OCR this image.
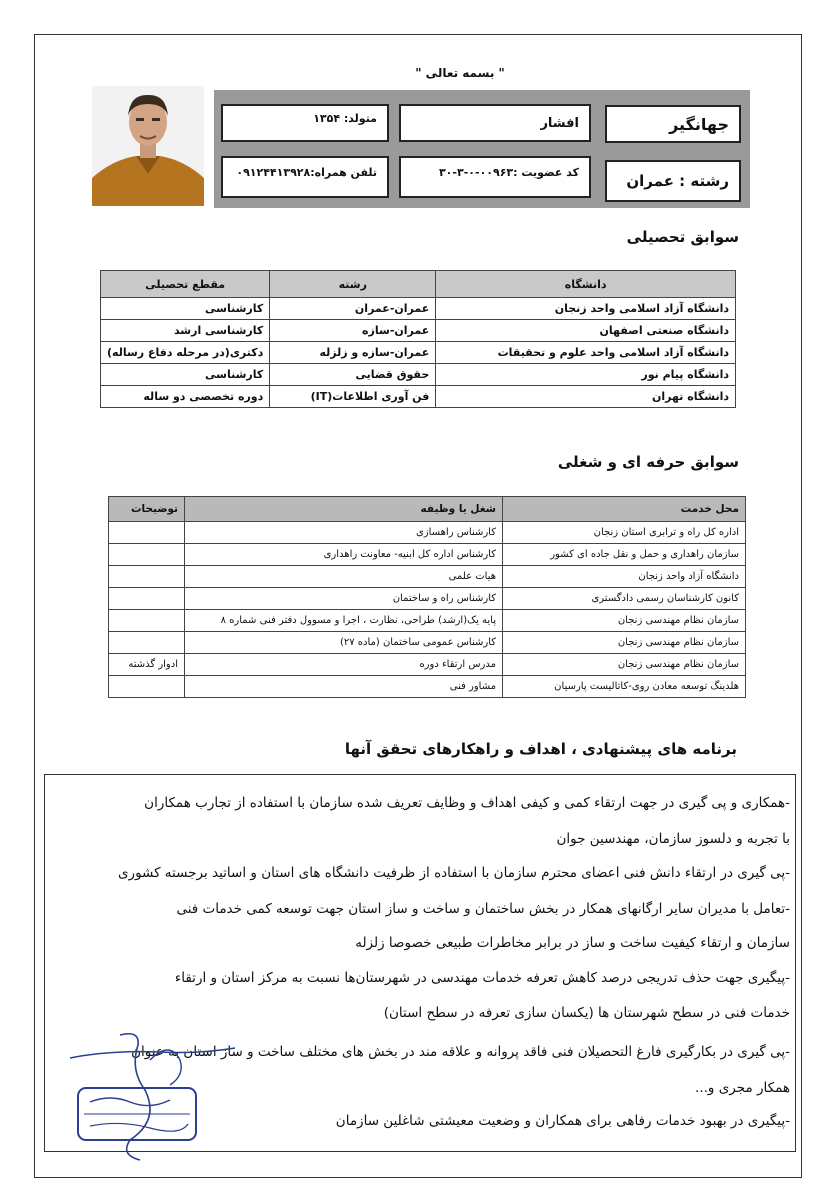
" بسمه تعالی "
جهانگیر
افشار
متولد: ۱۳۵۴
رشته : عمران
کد عضویت :۰۰۹۶۳-۰-۳-۳۰
تلفن همراه:۰۹۱۲۴۴۱۳۹۲۸
سوابق تحصیلی
دانشگاه	رشته	مقطع تحصیلی
دانشگاه آزاد اسلامی واحد زنجان	عمران-عمران	کارشناسی
دانشگاه صنعتی اصفهان	عمران-سازه	کارشناسی ارشد
دانشگاه آزاد اسلامی واحد علوم و تحقیقات	عمران-سازه و زلزله	دکتری(در مرحله دفاع رساله)
دانشگاه پیام نور	حقوق قضایی	کارشناسی
دانشگاه تهران	فن آوری اطلاعات(IT)	دوره تخصصی دو ساله
سوابق حرفه ای و شغلی
محل خدمت	شغل یا وظیفه	توضیحات
اداره کل راه و ترابری استان زنجان	کارشناس راهسازی	
سازمان راهداری و حمل و نقل جاده ای کشور	کارشناس اداره کل ابنیه- معاونت راهداری	
دانشگاه آزاد واحد زنجان	هیات علمی	
کانون کارشناسان رسمی دادگستری	کارشناس راه و ساختمان	
سازمان نظام مهندسی زنجان	پایه یک(ارشد) طراحی، نظارت ، اجرا و مسوول دفتر فنی شماره ۸	
سازمان نظام مهندسی زنجان	کارشناس عمومی ساختمان (ماده ۲۷)	
سازمان نظام مهندسی زنجان	مدرس ارتقاء دوره	ادوار گذشته
هلدینگ توسعه معادن روی-کاتالیست پارسیان	مشاور فنی	
برنامه های پیشنهادی ، اهداف و راهکارهای تحقق آنها
-همکاری و پی گیری در جهت ارتقاء کمی و کیفی اهداف و وظایف تعریف شده سازمان با استفاده از تجارب همکاران
با تجربه و دلسوز سازمان، مهندسین جوان
-پی گیری در ارتقاء دانش فنی اعضای محترم سازمان با استفاده از ظرفیت دانشگاه های استان و اساتید برجسته کشوری
-تعامل با مدیران سایر ارگانهای همکار در بخش ساختمان و ساخت و ساز استان جهت توسعه کمی خدمات فنی
سازمان و ارتقاء کیفیت ساخت و ساز در برابر مخاطرات طبیعی خصوصا زلزله
-پیگیری جهت حذف تدریجی درصد کاهش تعرفه خدمات مهندسی در شهرستان‌ها نسبت به مرکز استان و ارتقاء
خدمات فنی در سطح شهرستان ها (یکسان سازی تعرفه در سطح استان)
-پی گیری در بکارگیری فارغ التحصیلان فنی فاقد پروانه و علاقه مند در بخش های مختلف ساخت و ساز استان به عنوان
همکار مجری و...
-پیگیری در بهبود خدمات رفاهی برای همکاران و وضعیت معیشتی شاغلین سازمان
